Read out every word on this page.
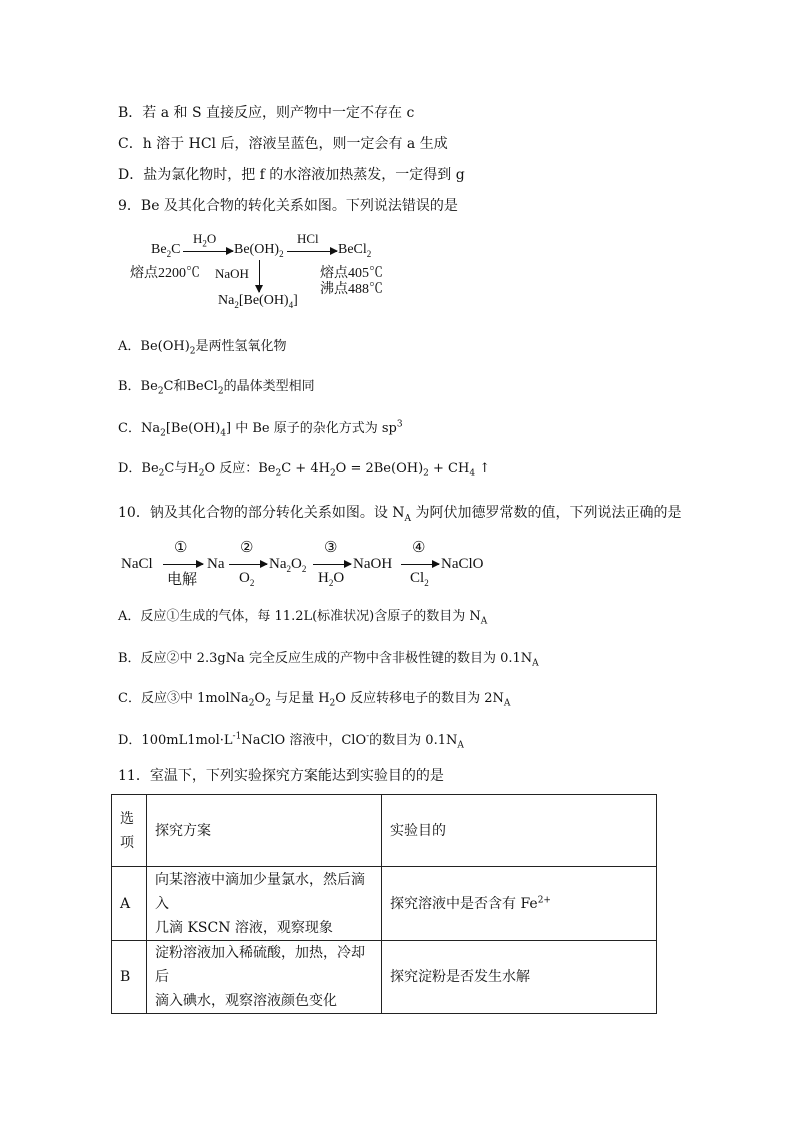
B．若 a 和 S 直接反应，则产物中一定不存在 c
C．h 溶于 HCl 后，溶液呈蓝色，则一定会有 a 生成
D．盐为氯化物时，把 f 的水溶液加热蒸发，一定得到 g
9．Be 及其化合物的转化关系如图。下列说法错误的是
$Be_2C$
熔点2200℃
$H_2O$
$Be(OH)_2$
HCl
BeCl$_2$
熔点405℃
沸点488℃
NaOH
$Na_2[Be(OH)_4]$
A．$Be(OH)_2$是两性氢氧化物
B．$Be_2C$和BeCl$_2$的晶体类型相同
C．$Na_2[Be(OH)_4]$ 中 Be 原子的杂化方式为 $sp^3$
D．$Be_2C$与$H_2O$ 反应：$Be_2C + 4H_2O = 2Be(OH)_2 + CH_4$ ↑
10．钠及其化合物的部分转化关系如图。设 $N_A$ 为阿伏加德罗常数的值，下列说法正确的是
NaCl
①
电解
Na
②
$O_2$
$Na_2O_2$
③
$H_2O$
NaOH
④
$Cl_2$
NaClO
A．反应①生成的气体，每 11.2L(标准状况)含原子的数目为 $N_A$
B．反应②中 2.3gNa 完全反应生成的产物中含非极性键的数目为 $0.1N_A$
C．反应③中 $1molNa_2O_2$ 与足量 $H_2O$ 反应转移电子的数目为 $2N_A$
D．$100mL1mol\cdot L^{-1}NaClO$ 溶液中，ClO-的数目为 $0.1N_A$
11．室温下，下列实验探究方案能达到实验目的的是
选
项	探究方案	实验目的
A	向某溶液中滴加少量氯水，然后滴入
几滴 KSCN 溶液，观察现象	探究溶液中是否含有 $Fe^{2+}$
B	淀粉溶液加入稀硫酸，加热，冷却后
滴入碘水，观察溶液颜色变化	探究淀粉是否发生水解
